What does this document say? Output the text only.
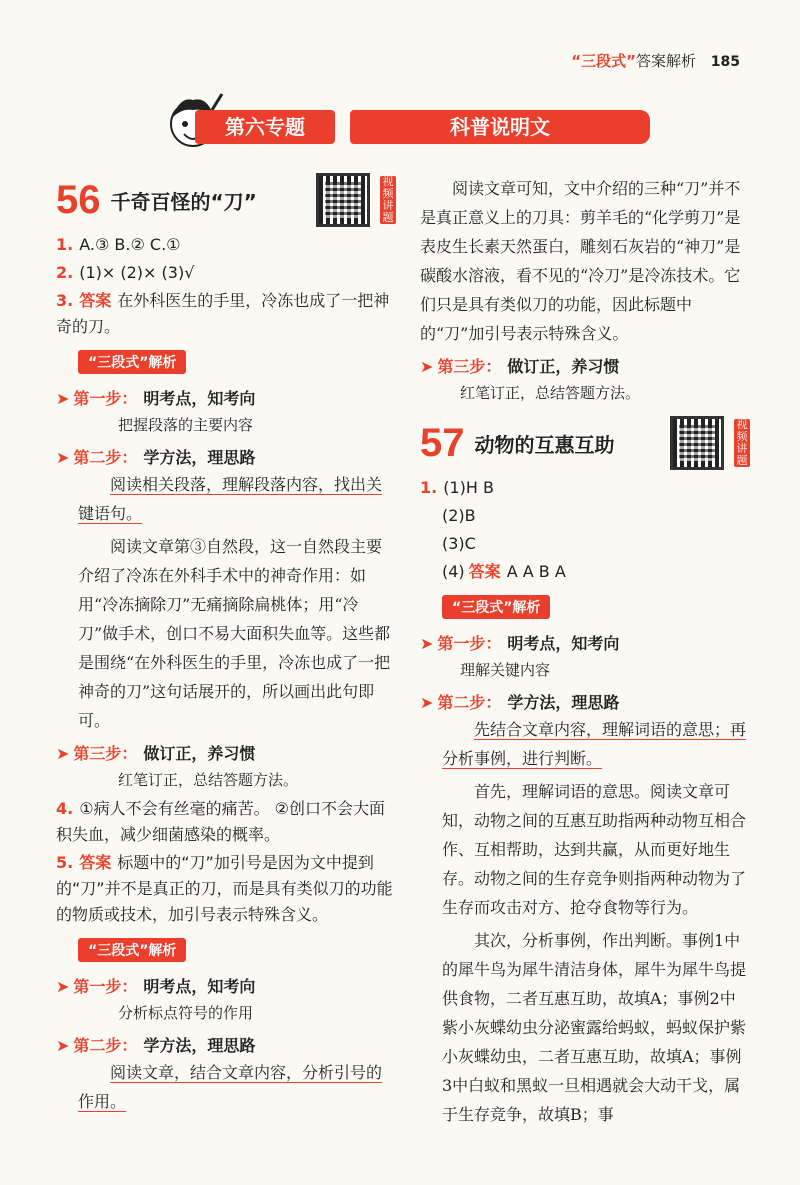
“三段式”答案解析 185
第六专题	科普说明文
56 千奇百怪的“刀”
视频讲题
1. A.③ B.② C.①
2. (1)× (2)× (3)√
3. 答案 在外科医生的手里，冷冻也成了一把神奇的刀。
“三段式”解析
➤ 第一步： 明考点，知考向
把握段落的主要内容
➤ 第二步： 学方法，理思路
阅读相关段落，理解段落内容，找出关键语句。
阅读文章第③自然段，这一自然段主要介绍了冷冻在外科手术中的神奇作用：如用“冷冻摘除刀”无痛摘除扁桃体；用“冷刀”做手术，创口不易大面积失血等。这些都是围绕“在外科医生的手里，冷冻也成了一把神奇的刀”这句话展开的，所以画出此句即可。
➤ 第三步： 做订正，养习惯
红笔订正，总结答题方法。
4. ①病人不会有丝毫的痛苦。 ②创口不会大面积失血，减少细菌感染的概率。
5. 答案 标题中的“刀”加引号是因为文中提到的“刀”并不是真正的刀，而是具有类似刀的功能的物质或技术，加引号表示特殊含义。
“三段式”解析
➤ 第一步： 明考点，知考向
分析标点符号的作用
➤ 第二步： 学方法，理思路
阅读文章，结合文章内容，分析引号的作用。
阅读文章可知，文中介绍的三种“刀”并不是真正意义上的刀具：剪羊毛的“化学剪刀”是表皮生长素天然蛋白，雕刻石灰岩的“神刀”是碳酸水溶液，看不见的“冷刀”是冷冻技术。它们只是具有类似刀的功能，因此标题中的“刀”加引号表示特殊含义。
➤ 第三步： 做订正，养习惯
红笔订正，总结答题方法。
57 动物的互惠互助
视频讲题
1. (1)H B
(2)B
(3)C
(4) 答案 A A B A
“三段式”解析
➤ 第一步： 明考点，知考向
理解关键内容
➤ 第二步： 学方法，理思路
先结合文章内容，理解词语的意思；再分析事例，进行判断。
首先，理解词语的意思。阅读文章可知，动物之间的互惠互助指两种动物互相合作、互相帮助，达到共赢，从而更好地生存。动物之间的生存竞争则指两种动物为了生存而攻击对方、抢夺食物等行为。
其次，分析事例，作出判断。事例1中的犀牛鸟为犀牛清洁身体，犀牛为犀牛鸟提供食物，二者互惠互助，故填A；事例2中紫小灰蝶幼虫分泌蜜露给蚂蚁，蚂蚁保护紫小灰蝶幼虫，二者互惠互助，故填A；事例3中白蚁和黑蚁一旦相遇就会大动干戈，属于生存竞争，故填B；事
